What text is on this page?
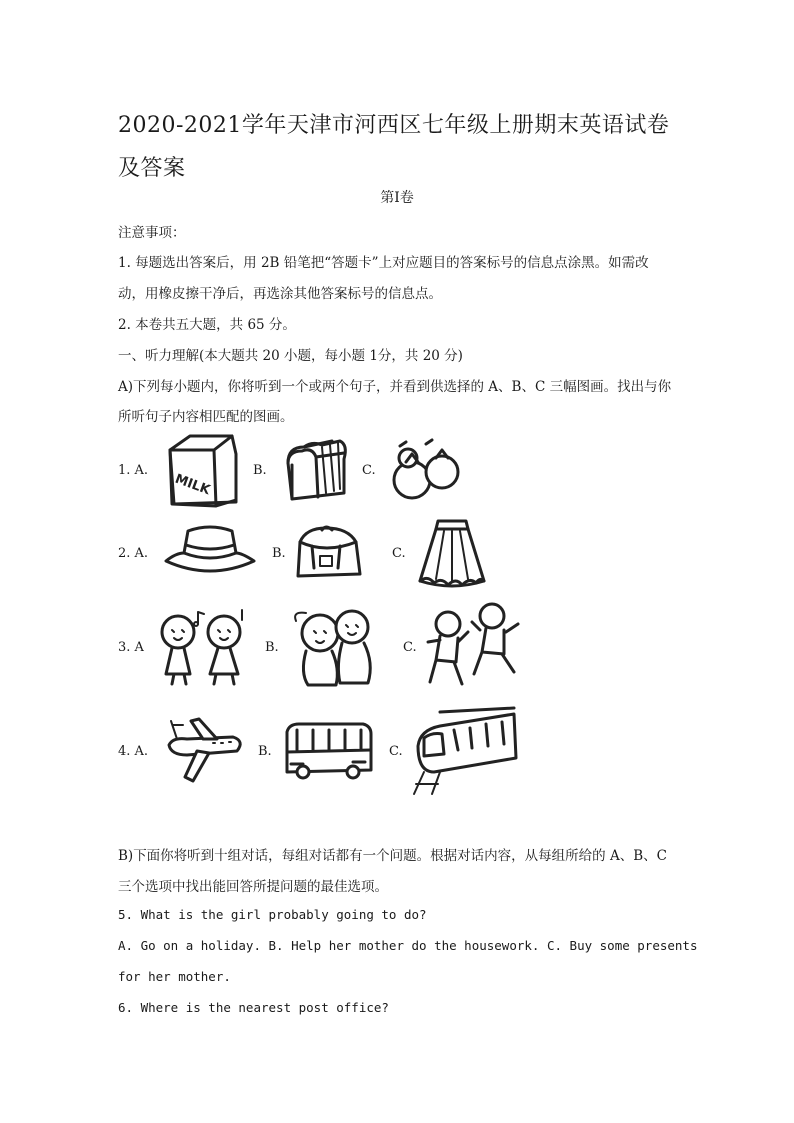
2020-2021学年天津市河西区七年级上册期末英语试卷及答案
第Ⅰ卷
注意事项：
1. 每题选出答案后，用 2B 铅笔把“答题卡”上对应题目的答案标号的信息点涂黑。如需改
动，用橡皮擦干净后，再选涂其他答案标号的信息点。
2. 本卷共五大题，共 65 分。
一、听力理解(本大题共 20 小题，每小题 1分，共 20 分)
A)下列每小题内，你将听到一个或两个句子，并看到供选择的 A、B、C 三幅图画。找出与你
所听句子内容相匹配的图画。
1. A.
MILK
B.	C.
2. A.	B.	C.
3. A	B.	C.
4. A.	B.	C.
B)下面你将听到十组对话，每组对话都有一个问题。根据对话内容，从每组所给的 A、B、C
三个选项中找出能回答所提问题的最佳选项。
5. What is the girl probably going to do?
A. Go on a holiday. B. Help her mother do the housework. C. Buy some presents
for her mother.
6. Where is the nearest post office?
